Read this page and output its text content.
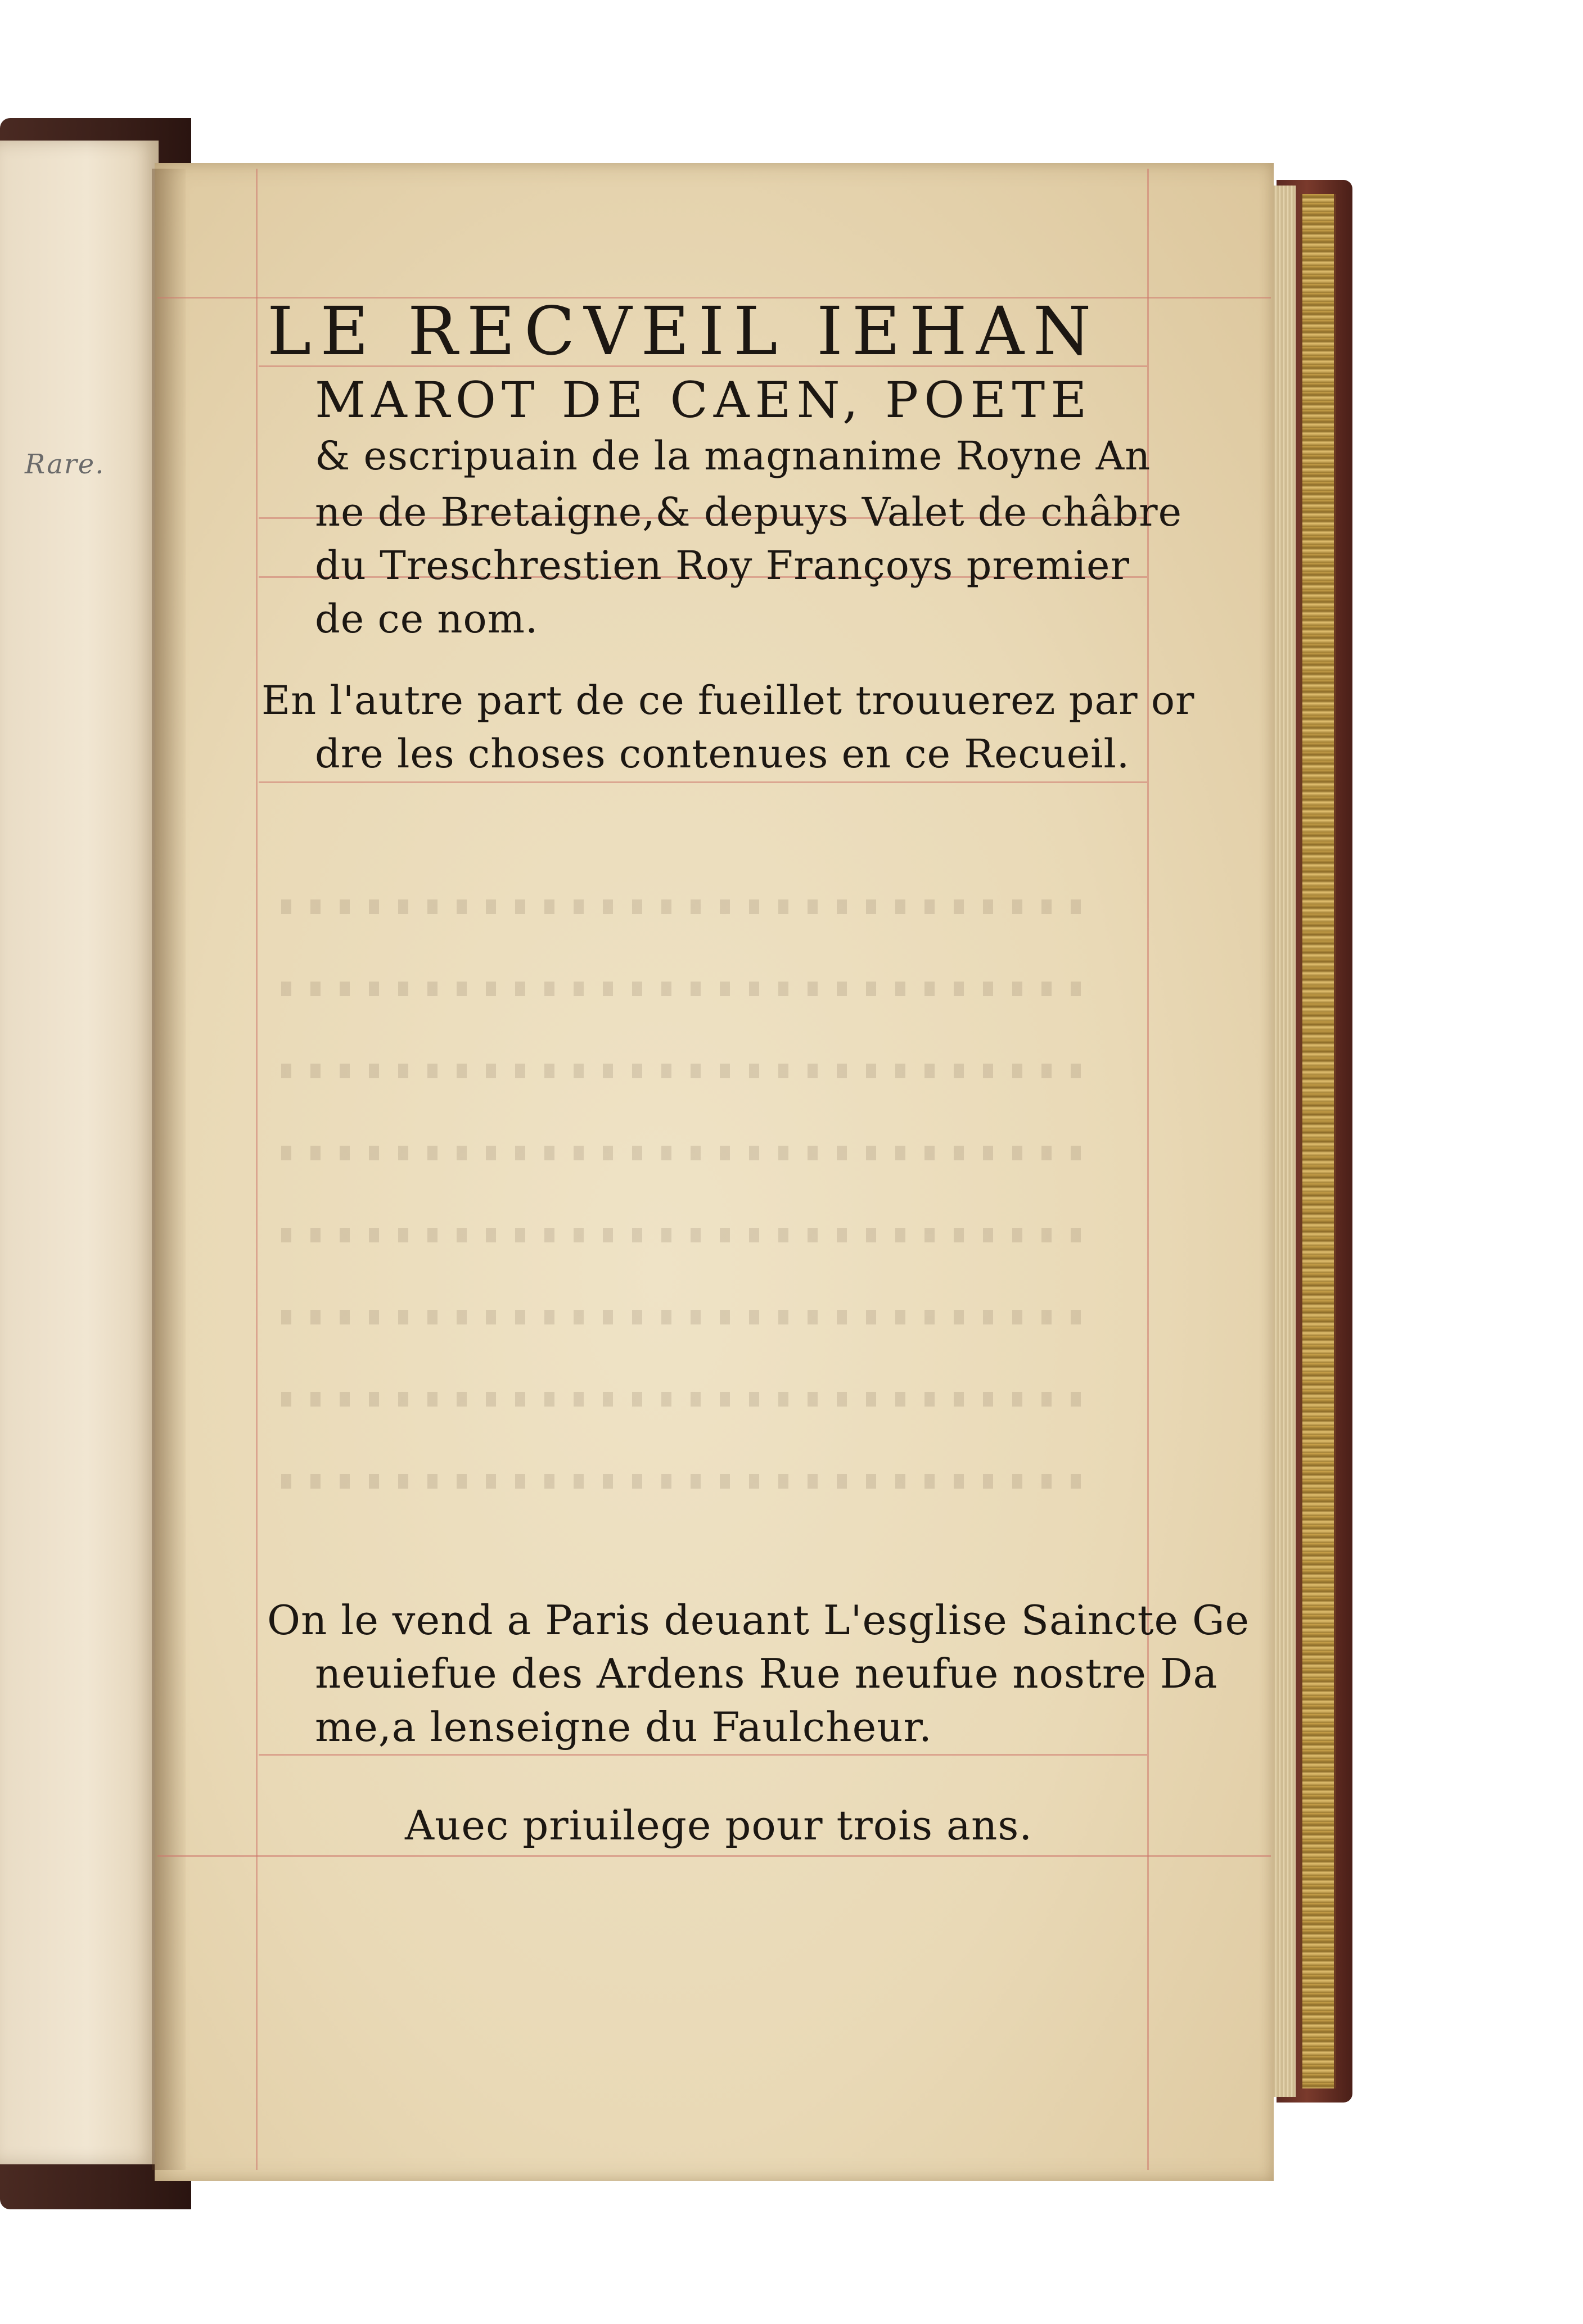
Rare.
LE RECVEIL IEHAN
MAROT DE CAEN, POETE
& escripuain de la magnanime Royne An
ne de Bretaigne,& depuys Valet de châbre
du Treschrestien Roy Françoys premier
de ce nom.
En l'autre part de ce fueillet trouuerez par or
dre les choses contenues en ce Recueil.
On le vend a Paris deuant L'esglise Saincte Ge
neuiefue des Ardens Rue neufue nostre Da
me,a lenseigne du Faulcheur.
Auec priuilege pour trois ans.
